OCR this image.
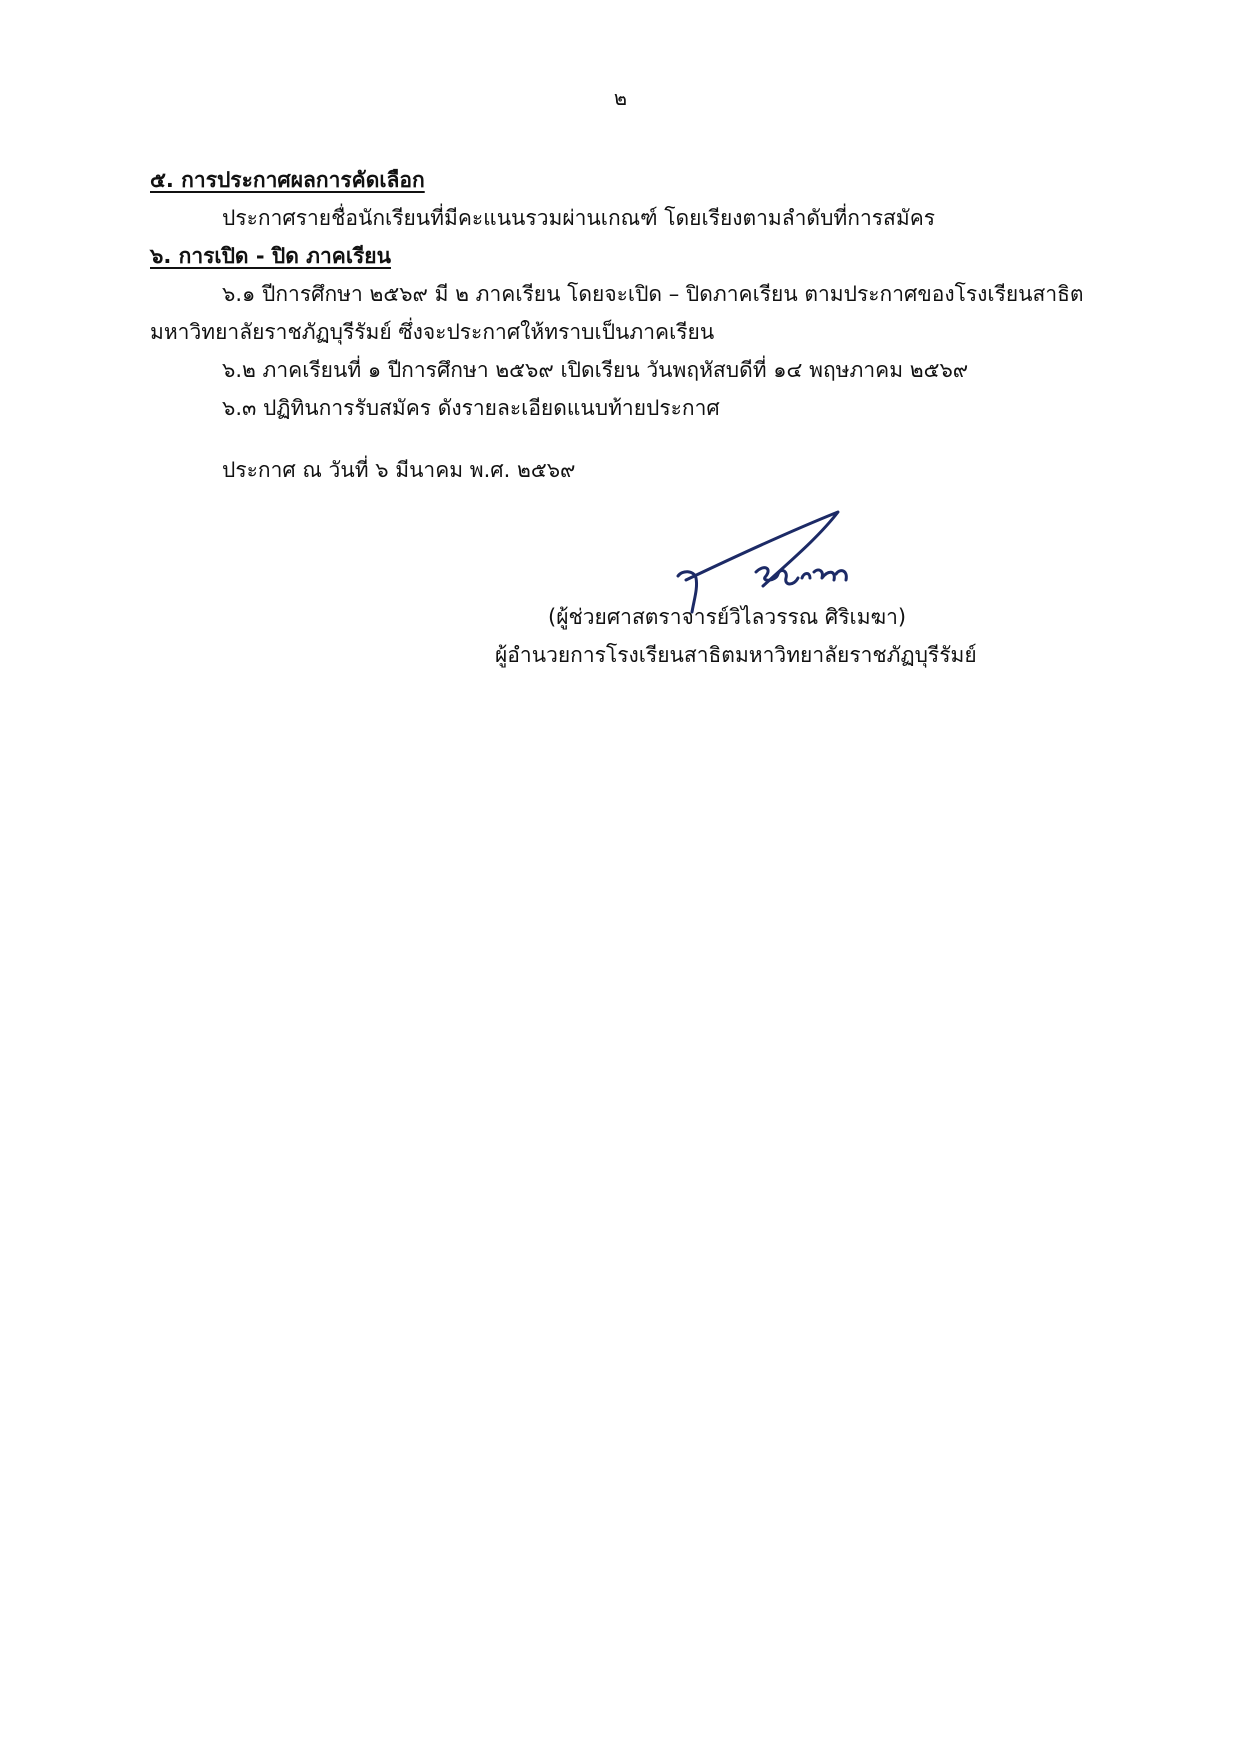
๒
๕. การประกาศผลการคัดเลือก
ประกาศรายชื่อนักเรียนที่มีคะแนนรวมผ่านเกณฑ์ โดยเรียงตามลำดับที่การสมัคร
๖. การเปิด - ปิด ภาคเรียน
๖.๑ ปีการศึกษา ๒๕๖๙ มี ๒ ภาคเรียน โดยจะเปิด – ปิดภาคเรียน ตามประกาศของโรงเรียนสาธิต
มหาวิทยาลัยราชภัฏบุรีรัมย์ ซึ่งจะประกาศให้ทราบเป็นภาคเรียน
๖.๒ ภาคเรียนที่ ๑ ปีการศึกษา ๒๕๖๙ เปิดเรียน วันพฤหัสบดีที่ ๑๔ พฤษภาคม ๒๕๖๙
๖.๓ ปฏิทินการรับสมัคร ดังรายละเอียดแนบท้ายประกาศ
ประกาศ ณ วันที่ ๖ มีนาคม พ.ศ. ๒๕๖๙
(ผู้ช่วยศาสตราจารย์วิไลวรรณ ศิริเมฆา)
ผู้อำนวยการโรงเรียนสาธิตมหาวิทยาลัยราชภัฏบุรีรัมย์
